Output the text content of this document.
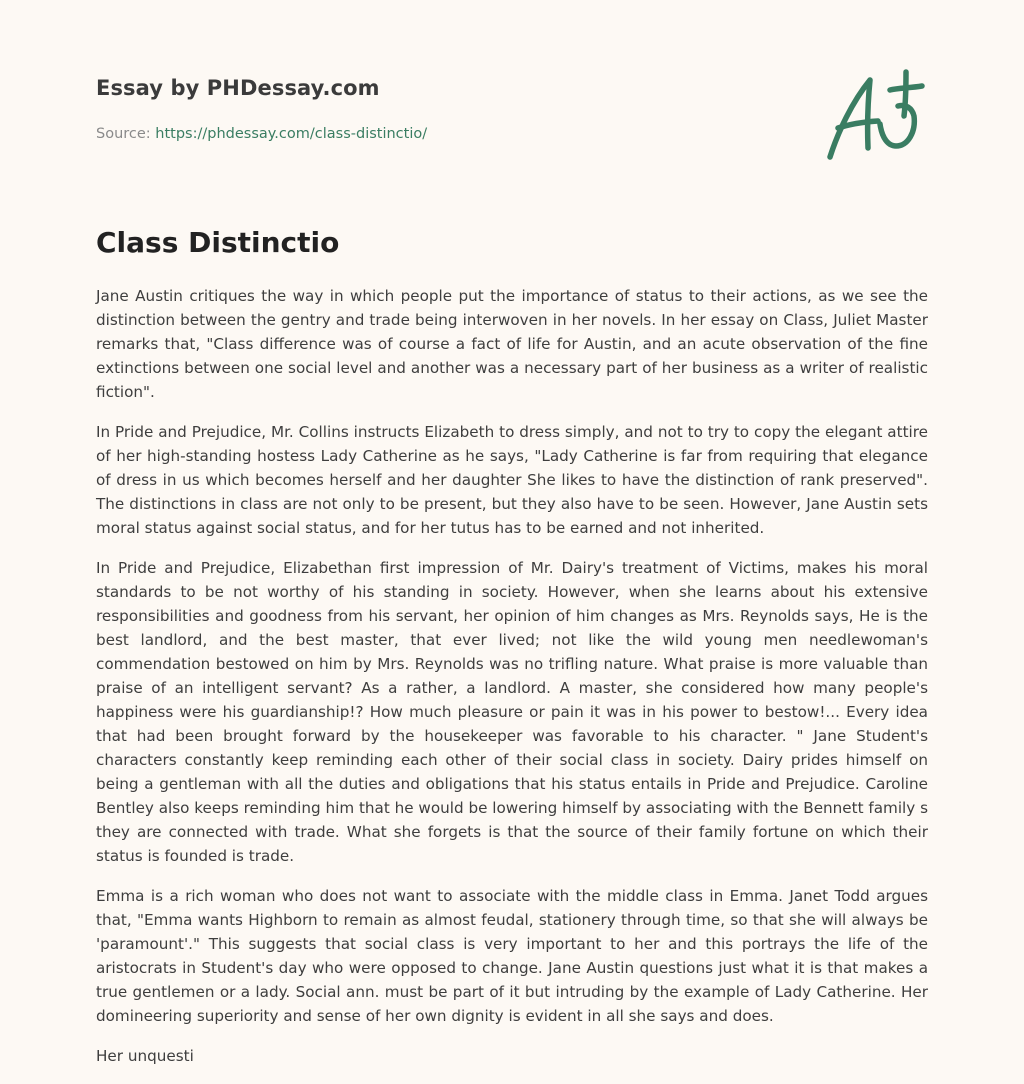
Essay by PHDessay.com
Source: https://phdessay.com/class-distinctio/
Class Distinctio

Jane Austin critiques the way in which people put the importance of status to their actions, as we see the distinction between the gentry and trade being interwoven in her novels. In her essay on Class, Juliet Master remarks that, "Class difference was of course a fact of life for Austin, and an acute observation of the fine extinctions between one social level and another was a necessary part of her business as a writer of realistic fiction".

In Pride and Prejudice, Mr. Collins instructs Elizabeth to dress simply, and not to try to copy the elegant attire of her high-standing hostess Lady Catherine as he says, "Lady Catherine is far from requiring that elegance of dress in us which becomes herself and her daughter She likes to have the distinction of rank preserved". The distinctions in class are not only to be present, but they also have to be seen. However, Jane Austin sets moral status against social status, and for her tutus has to be earned and not inherited.

In Pride and Prejudice, Elizabethan first impression of Mr. Dairy's treatment of Victims, makes his moral standards to be not worthy of his standing in society. However, when she learns about his extensive responsibilities and goodness from his servant, her opinion of him changes as Mrs. Reynolds says, He is the best landlord, and the best master, that ever lived; not like the wild young men needlewoman's commendation bestowed on him by Mrs. Reynolds was no trifling nature. What praise is more valuable than praise of an intelligent servant? As a rather, a landlord. A master, she considered how many people's happiness were his guardianship!? How much pleasure or pain it was in his power to bestow!... Every idea that had been brought forward by the housekeeper was favorable to his character. " Jane Student's characters constantly keep reminding each other of their social class in society. Dairy prides himself on being a gentleman with all the duties and obligations that his status entails in Pride and Prejudice. Caroline Bentley also keeps reminding him that he would be lowering himself by associating with the Bennett family s they are connected with trade. What she forgets is that the source of their family fortune on which their status is founded is trade.

Emma is a rich woman who does not want to associate with the middle class in Emma. Janet Todd argues that, "Emma wants Highborn to remain as almost feudal, stationery through time, so that she will always be 'paramount'." This suggests that social class is very important to her and this portrays the life of the aristocrats in Student's day who were opposed to change. Jane Austin questions just what it is that makes a true gentlemen or a lady. Social ann. must be part of it but intruding by the example of Lady Catherine. Her domineering superiority and sense of her own dignity is evident in all she says and does.

Her unquesti
